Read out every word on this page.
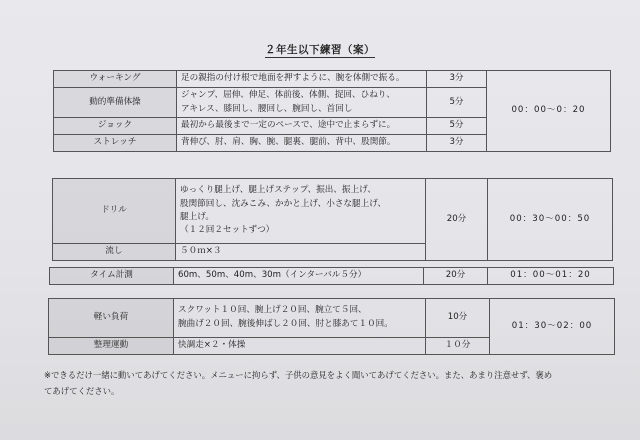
２年生以下練習（案）
ウォーキング	足の親指の付け根で地面を押すように、腕を体側で振る。	3分	00：00〜0：20
動的準備体操	ジャンプ、屈伸、伸足、体前後、体側、捉回、ひねり、
アキレス、膝回し、腰回し、腕回し、首回し	5分	
ジョック	最初から最後まで一定のペースで、途中で止まらずに。	5分	
ストレッチ	背伸び、肘、肩、胸、腕、腿裏、腿前、背中、股関節。	3分	
ドリル	ゆっくり腿上げ、腿上げステップ、振出、振上げ、
股関節回し、沈みこみ、かかと上げ、小さな腿上げ、
腿上げ。
（１２回２セットずつ）	20分	00：30〜00：50
流し	５０ｍ×３		
タイム計測	60m、50m、40m、30m（インターバル５分）	20分	01：00〜01：20
軽い負荷	スクワット１０回、腕上げ２０回、腕立て５回、
腕曲げ２０回、腕後伸ばし２０回、肘と膝あて１０回。	10分	01：30〜02：00
整理運動	快調走×２・体操	１０分	
※できるだけ一緒に動いてあげてください。メニューに拘らず、子供の意見をよく聞いてあげてください。また、あまり注意せず、褒め
てあげてください。
